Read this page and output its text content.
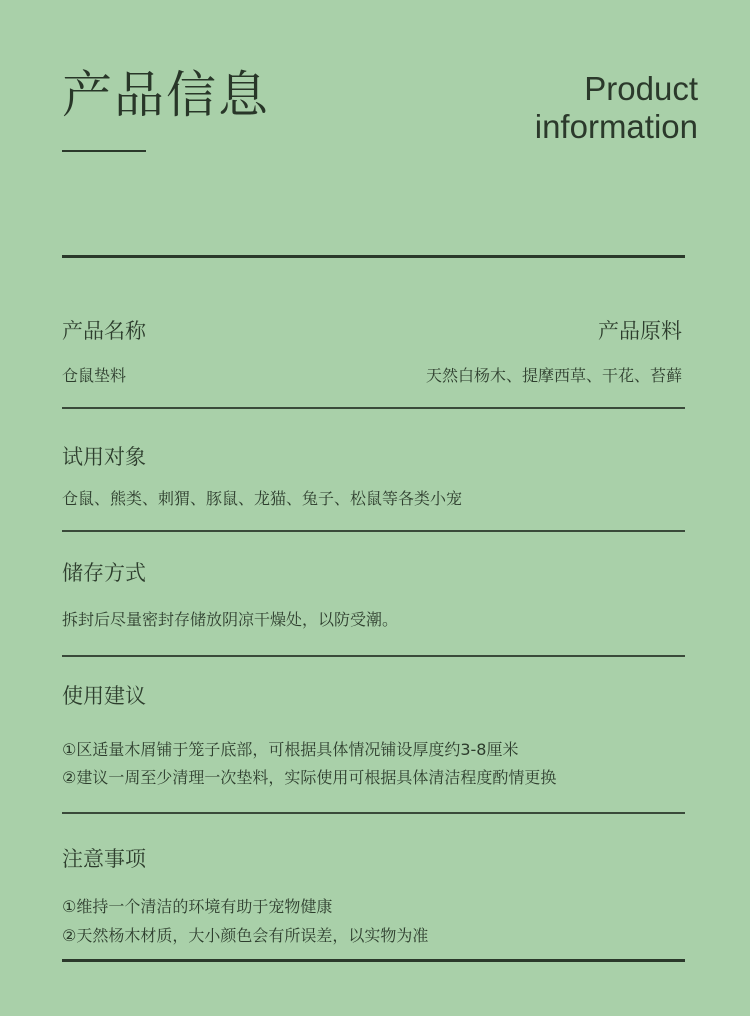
产品信息	Product
information
产品名称	产品原料
仓鼠垫料	天然白杨木、提摩西草、干花、苔藓
试用对象
仓鼠、熊类、刺猬、豚鼠、龙猫、兔子、松鼠等各类小宠
储存方式
拆封后尽量密封存储放阴凉干燥处，以防受潮。
使用建议
①区适量木屑铺于笼子底部，可根据具体情况铺设厚度约3-8厘米
②建议一周至少清理一次垫料，实际使用可根据具体清洁程度酌情更换
注意事项
①维持一个清洁的环境有助于宠物健康
②天然杨木材质，大小颜色会有所误差，以实物为准
